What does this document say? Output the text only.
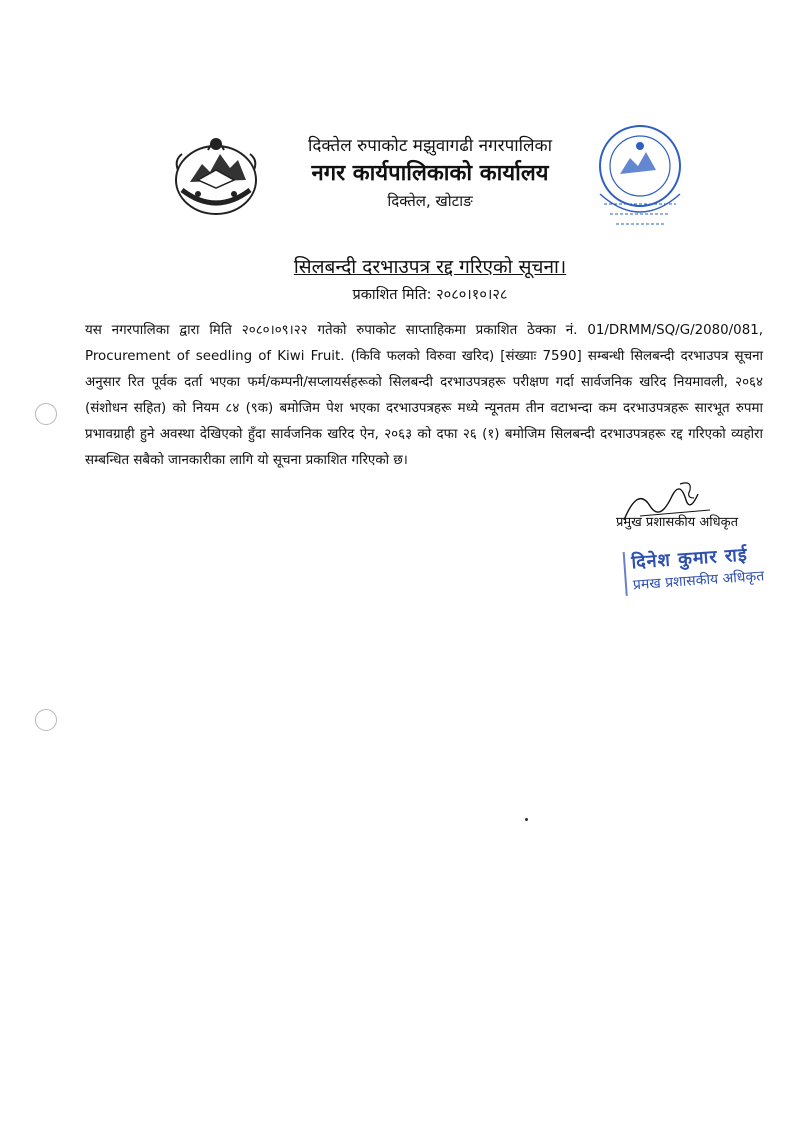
दिक्तेल रुपाकोट मझुवागढी नगरपालिका
नगर कार्यपालिकाको कार्यालय
दिक्तेल, खोटाङ
सिलबन्दी दरभाउपत्र रद्द गरिएको सूचना।
प्रकाशित मिति: २०८०।१०।२८
यस नगरपालिका द्वारा मिति २०८०।०९।२२ गतेको रुपाकोट साप्ताहिकमा प्रकाशित ठेक्का नं. 01/DRMM/SQ/G/2080/081, Procurement of seedling of Kiwi Fruit. (किवि फलको विरुवा खरिद) [संख्याः 7590] सम्बन्धी सिलबन्दी दरभाउपत्र सूचना अनुसार रित पूर्वक दर्ता भएका फर्म/कम्पनी/सप्लायर्सहरूको सिलबन्दी दरभाउपत्रहरू परीक्षण गर्दा सार्वजनिक खरिद नियमावली, २०६४ (संशोधन सहित) को नियम ८४ (९क) बमोजिम पेश भएका दरभाउपत्रहरू मध्ये न्यूनतम तीन वटाभन्दा कम दरभाउपत्रहरू सारभूत रुपमा प्रभावग्राही हुने अवस्था देखिएको हुँदा सार्वजनिक खरिद ऐन, २०६३ को दफा २६ (१) बमोजिम सिलबन्दी दरभाउपत्रहरू रद्द गरिएको व्यहोरा सम्बन्धित सबैको जानकारीका लागि यो सूचना प्रकाशित गरिएको छ।
प्रमुख प्रशासकीय अधिकृत
दिनेश कुमार राई
प्रमख प्रशासकीय अधिकृत
